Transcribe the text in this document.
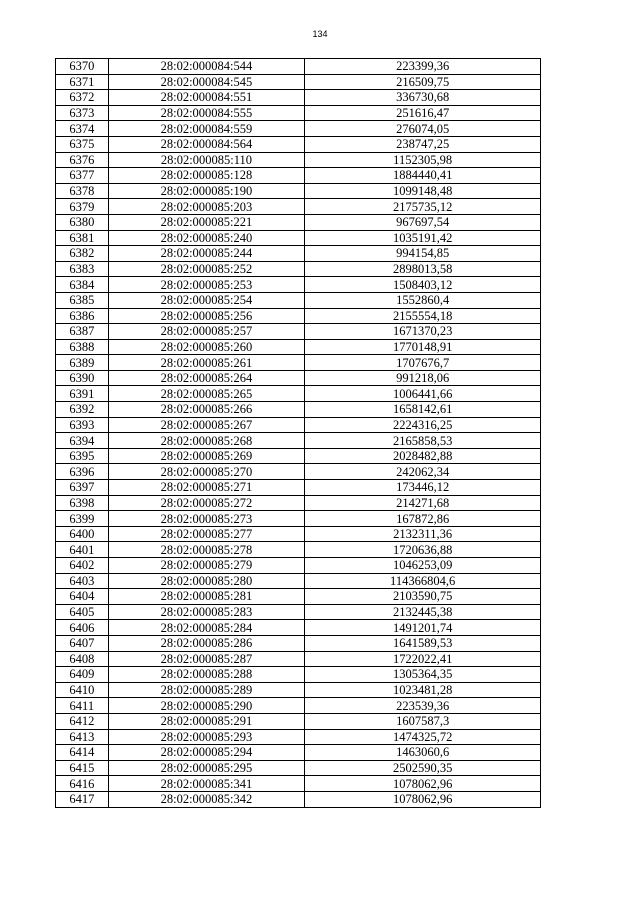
134
6370	28:02:000084:544	223399,36
6371	28:02:000084:545	216509,75
6372	28:02:000084:551	336730,68
6373	28:02:000084:555	251616,47
6374	28:02:000084:559	276074,05
6375	28:02:000084:564	238747,25
6376	28:02:000085:110	1152305,98
6377	28:02:000085:128	1884440,41
6378	28:02:000085:190	1099148,48
6379	28:02:000085:203	2175735,12
6380	28:02:000085:221	967697,54
6381	28:02:000085:240	1035191,42
6382	28:02:000085:244	994154,85
6383	28:02:000085:252	2898013,58
6384	28:02:000085:253	1508403,12
6385	28:02:000085:254	1552860,4
6386	28:02:000085:256	2155554,18
6387	28:02:000085:257	1671370,23
6388	28:02:000085:260	1770148,91
6389	28:02:000085:261	1707676,7
6390	28:02:000085:264	991218,06
6391	28:02:000085:265	1006441,66
6392	28:02:000085:266	1658142,61
6393	28:02:000085:267	2224316,25
6394	28:02:000085:268	2165858,53
6395	28:02:000085:269	2028482,88
6396	28:02:000085:270	242062,34
6397	28:02:000085:271	173446,12
6398	28:02:000085:272	214271,68
6399	28:02:000085:273	167872,86
6400	28:02:000085:277	2132311,36
6401	28:02:000085:278	1720636,88
6402	28:02:000085:279	1046253,09
6403	28:02:000085:280	114366804,6
6404	28:02:000085:281	2103590,75
6405	28:02:000085:283	2132445,38
6406	28:02:000085:284	1491201,74
6407	28:02:000085:286	1641589,53
6408	28:02:000085:287	1722022,41
6409	28:02:000085:288	1305364,35
6410	28:02:000085:289	1023481,28
6411	28:02:000085:290	223539,36
6412	28:02:000085:291	1607587,3
6413	28:02:000085:293	1474325,72
6414	28:02:000085:294	1463060,6
6415	28:02:000085:295	2502590,35
6416	28:02:000085:341	1078062,96
6417	28:02:000085:342	1078062,96
